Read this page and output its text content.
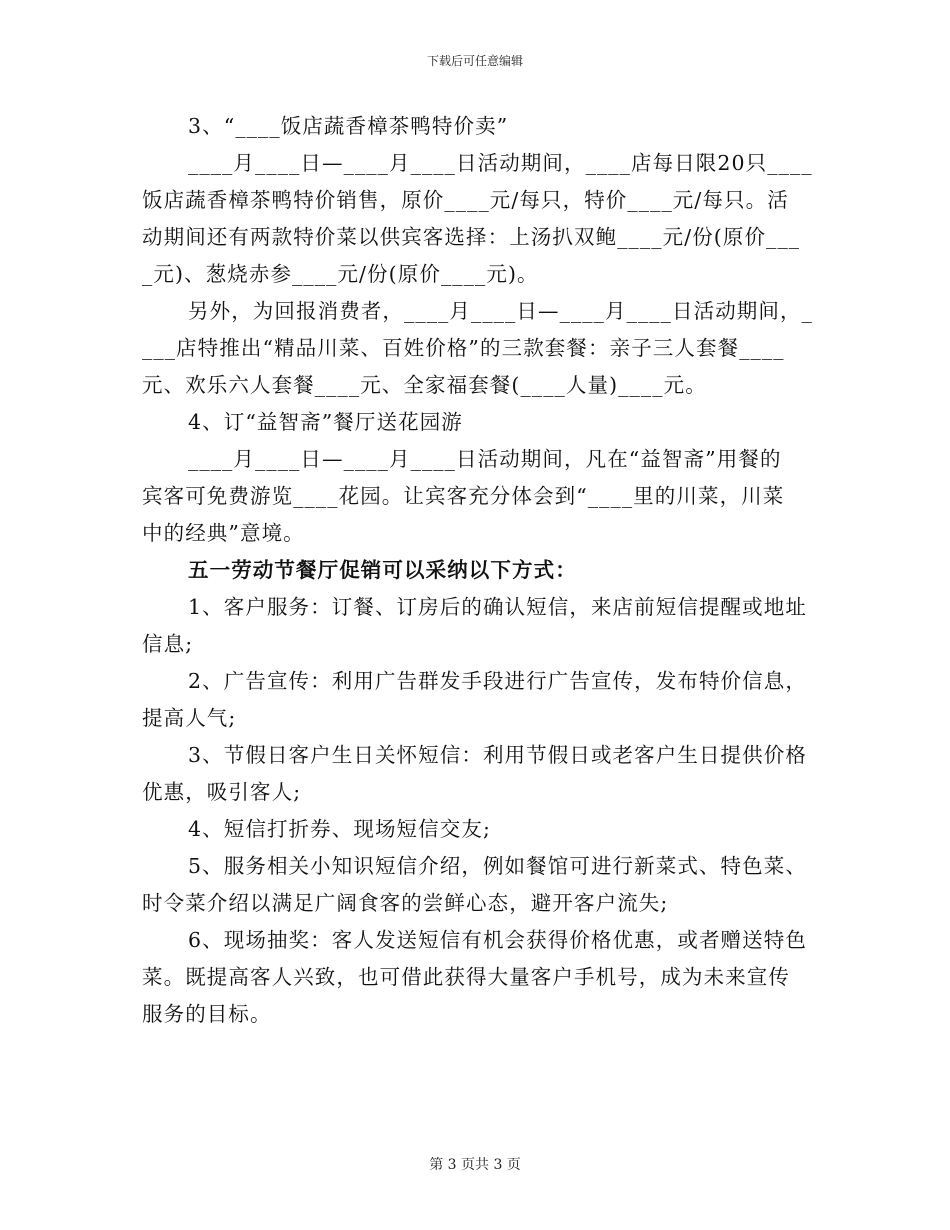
下载后可任意编辑
3、“____饭店蔬香樟茶鸭特价卖”
____月____日—____月____日活动期间，____店每日限20只____
饭店蔬香樟茶鸭特价销售，原价____元/每只，特价____元/每只。活
动期间还有两款特价菜以供宾客选择：上汤扒双鲍____元/份(原价___
_元)、葱烧赤参____元/份(原价____元)。
另外，为回报消费者，____月____日—____月____日活动期间，_
___店特推出“精品川菜、百姓价格”的三款套餐：亲子三人套餐____
元、欢乐六人套餐____元、全家福套餐(____人量)____元。
4、订“益智斋”餐厅送花园游
____月____日—____月____日活动期间，凡在“益智斋”用餐的
宾客可免费游览____花园。让宾客充分体会到“____里的川菜，川菜
中的经典”意境。
五一劳动节餐厅促销可以采纳以下方式：
1、客户服务：订餐、订房后的确认短信，来店前短信提醒或地址
信息;
2、广告宣传：利用广告群发手段进行广告宣传，发布特价信息，
提高人气;
3、节假日客户生日关怀短信：利用节假日或老客户生日提供价格
优惠，吸引客人;
4、短信打折券、现场短信交友;
5、服务相关小知识短信介绍，例如餐馆可进行新菜式、特色菜、
时令菜介绍以满足广阔食客的尝鲜心态，避开客户流失;
6、现场抽奖：客人发送短信有机会获得价格优惠，或者赠送特色
菜。既提高客人兴致，也可借此获得大量客户手机号，成为未来宣传
服务的目标。
第 3 页共 3 页
